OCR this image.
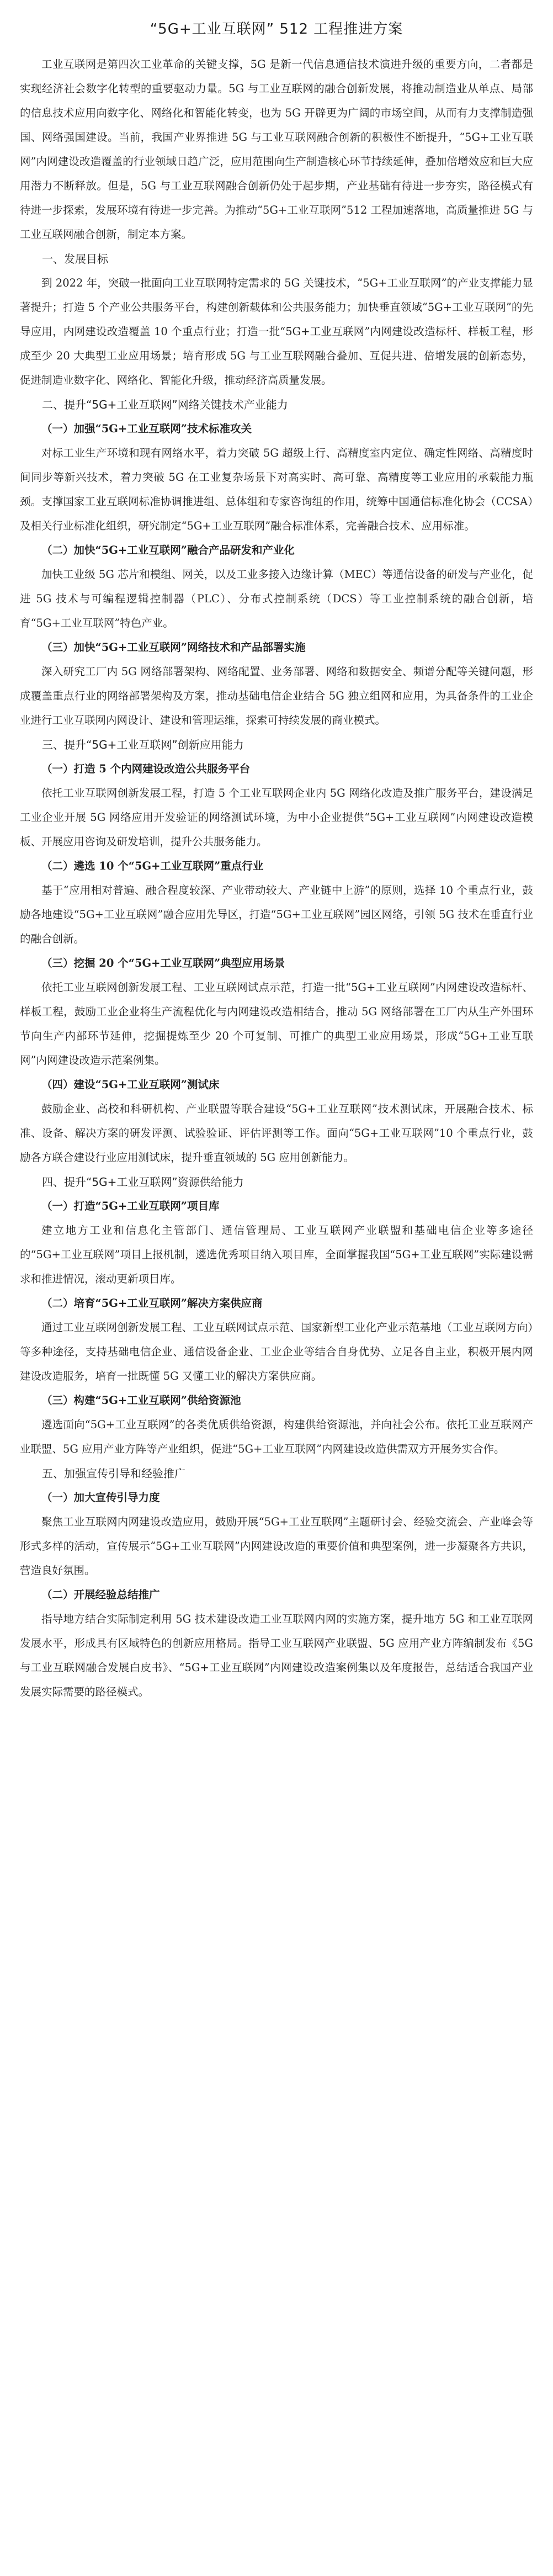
“5G+工业互联网” 512 工程推进方案

工业互联网是第四次工业革命的关键支撑，5G 是新一代信息通信技术演进升级的重要方向，二者都是实现经济社会数字化转型的重要驱动力量。5G 与工业互联网的融合创新发展，将推动制造业从单点、局部的信息技术应用向数字化、网络化和智能化转变，也为 5G 开辟更为广阔的市场空间，从而有力支撑制造强国、网络强国建设。当前，我国产业界推进 5G 与工业互联网融合创新的积极性不断提升，“5G+工业互联网”内网建设改造覆盖的行业领域日趋广泛，应用范围向生产制造核心环节持续延伸，叠加倍增效应和巨大应用潜力不断释放。但是，5G 与工业互联网融合创新仍处于起步期，产业基础有待进一步夯实，路径模式有待进一步探索，发展环境有待进一步完善。为推动“5G+工业互联网”512 工程加速落地，高质量推进 5G 与工业互联网融合创新，制定本方案。

一、发展目标

到 2022 年，突破一批面向工业互联网特定需求的 5G 关键技术，“5G+工业互联网”的产业支撑能力显著提升；打造 5 个产业公共服务平台，构建创新载体和公共服务能力；加快垂直领域“5G+工业互联网”的先导应用，内网建设改造覆盖 10 个重点行业；打造一批“5G+工业互联网”内网建设改造标杆、样板工程，形成至少 20 大典型工业应用场景；培育形成 5G 与工业互联网融合叠加、互促共进、倍增发展的创新态势，促进制造业数字化、网络化、智能化升级，推动经济高质量发展。

二、提升“5G+工业互联网”网络关键技术产业能力
（一）加强“5G+工业互联网”技术标准攻关

对标工业生产环境和现有网络水平，着力突破 5G 超级上行、高精度室内定位、确定性网络、高精度时间同步等新兴技术，着力突破 5G 在工业复杂场景下对高实时、高可靠、高精度等工业应用的承载能力瓶颈。支撑国家工业互联网标准协调推进组、总体组和专家咨询组的作用，统筹中国通信标准化协会（CCSA）及相关行业标准化组织，研究制定“5G+工业互联网”融合标准体系，完善融合技术、应用标准。

（二）加快“5G+工业互联网”融合产品研发和产业化

加快工业级 5G 芯片和模组、网关，以及工业多接入边缘计算（MEC）等通信设备的研发与产业化，促进 5G 技术与可编程逻辑控制器（PLC）、分布式控制系统（DCS）等工业控制系统的融合创新，培育“5G+工业互联网”特色产业。

（三）加快“5G+工业互联网”网络技术和产品部署实施

深入研究工厂内 5G 网络部署架构、网络配置、业务部署、网络和数据安全、频谱分配等关键问题，形成覆盖重点行业的网络部署架构及方案，推动基础电信企业结合 5G 独立组网和应用，为具备条件的工业企业进行工业互联网内网设计、建设和管理运维，探索可持续发展的商业模式。

三、提升“5G+工业互联网”创新应用能力
（一）打造 5 个内网建设改造公共服务平台

依托工业互联网创新发展工程，打造 5 个工业互联网企业内 5G 网络化改造及推广服务平台，建设满足工业企业开展 5G 网络应用开发验证的网络测试环境，为中小企业提供“5G+工业互联网”内网建设改造模板、开展应用咨询及研发培训，提升公共服务能力。

（二）遴选 10 个“5G+工业互联网”重点行业

基于“应用相对普遍、融合程度较深、产业带动较大、产业链中上游”的原则，选择 10 个重点行业，鼓励各地建设“5G+工业互联网”融合应用先导区，打造“5G+工业互联网”园区网络，引领 5G 技术在垂直行业的融合创新。

（三）挖掘 20 个“5G+工业互联网”典型应用场景

依托工业互联网创新发展工程、工业互联网试点示范，打造一批“5G+工业互联网”内网建设改造标杆、样板工程，鼓励工业企业将生产流程优化与内网建设改造相结合，推动 5G 网络部署在工厂内从生产外围环节向生产内部环节延伸，挖掘提炼至少 20 个可复制、可推广的典型工业应用场景，形成“5G+工业互联网”内网建设改造示范案例集。

（四）建设“5G+工业互联网”测试床

鼓励企业、高校和科研机构、产业联盟等联合建设“5G+工业互联网”技术测试床，开展融合技术、标准、设备、解决方案的研发评测、试验验证、评估评测等工作。面向“5G+工业互联网”10 个重点行业，鼓励各方联合建设行业应用测试床，提升垂直领域的 5G 应用创新能力。

四、提升“5G+工业互联网”资源供给能力
（一）打造“5G+工业互联网”项目库

建立地方工业和信息化主管部门、通信管理局、工业互联网产业联盟和基础电信企业等多途径的“5G+工业互联网”项目上报机制，遴选优秀项目纳入项目库，全面掌握我国“5G+工业互联网”实际建设需求和推进情况，滚动更新项目库。

（二）培育“5G+工业互联网”解决方案供应商

通过工业互联网创新发展工程、工业互联网试点示范、国家新型工业化产业示范基地（工业互联网方向）等多种途径，支持基础电信企业、通信设备企业、工业企业等结合自身优势、立足各自主业，积极开展内网建设改造服务，培育一批既懂 5G 又懂工业的解决方案供应商。

（三）构建“5G+工业互联网”供给资源池

遴选面向“5G+工业互联网”的各类优质供给资源，构建供给资源池，并向社会公布。依托工业互联网产业联盟、5G 应用产业方阵等产业组织，促进“5G+工业互联网”内网建设改造供需双方开展务实合作。

五、加强宣传引导和经验推广
（一）加大宣传引导力度

聚焦工业互联网内网建设改造应用，鼓励开展“5G+工业互联网”主题研讨会、经验交流会、产业峰会等形式多样的活动，宣传展示“5G+工业互联网”内网建设改造的重要价值和典型案例，进一步凝聚各方共识，营造良好氛围。

（二）开展经验总结推广

指导地方结合实际制定利用 5G 技术建设改造工业互联网内网的实施方案，提升地方 5G 和工业互联网发展水平，形成具有区域特色的创新应用格局。指导工业互联网产业联盟、5G 应用产业方阵编制发布《5G 与工业互联网融合发展白皮书》、“5G+工业互联网”内网建设改造案例集以及年度报告，总结适合我国产业发展实际需要的路径模式。
